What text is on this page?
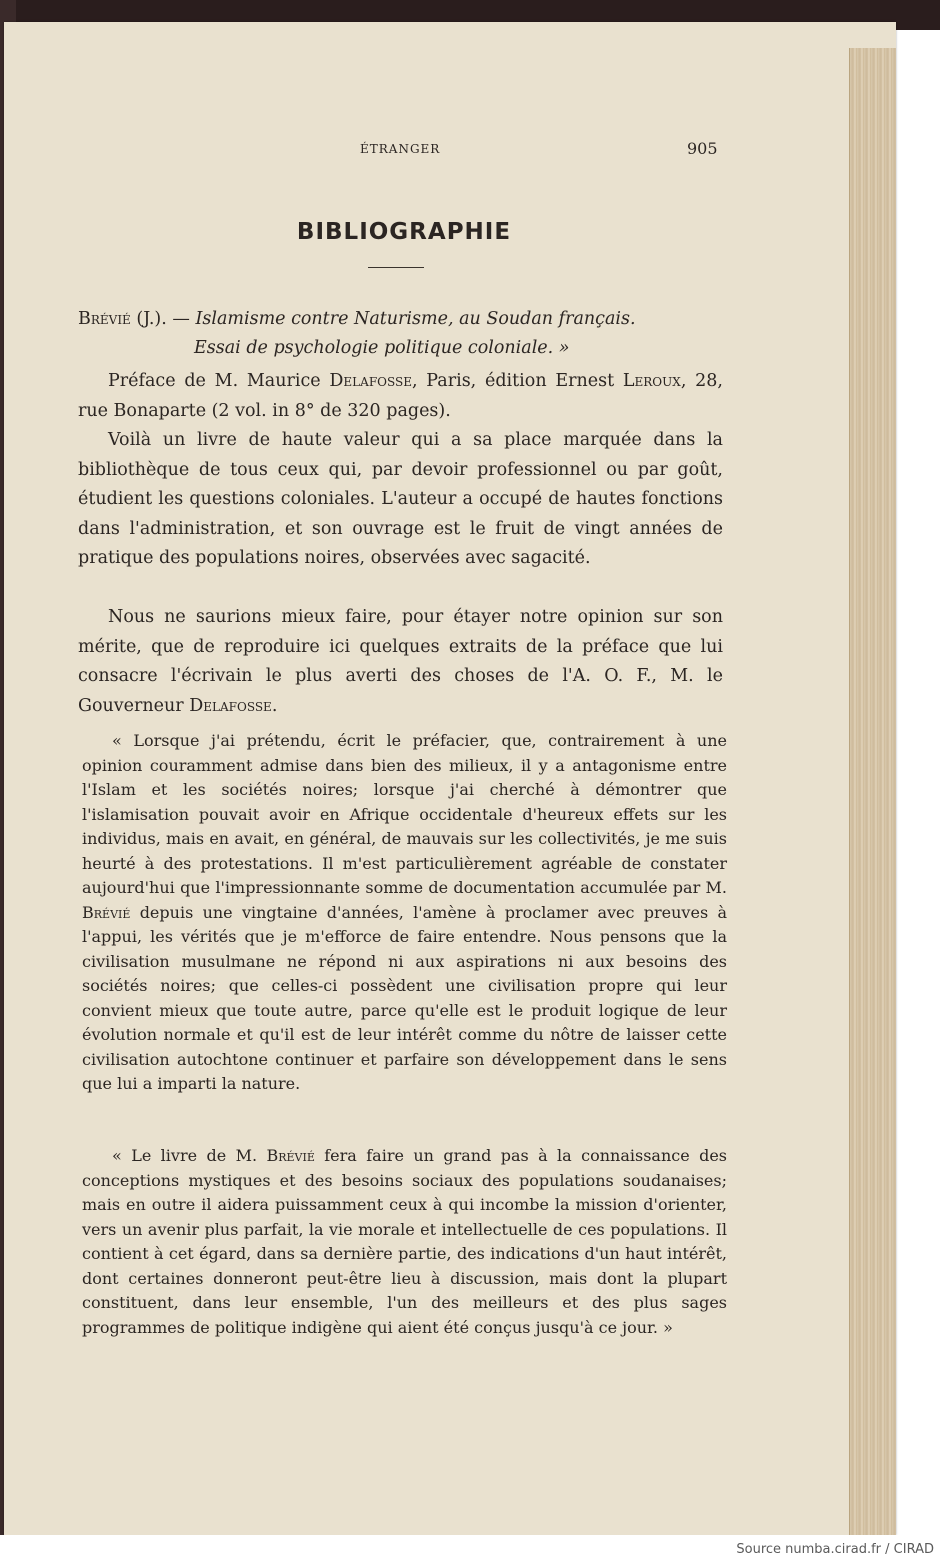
ÉTRANGER	905
BIBLIOGRAPHIE
Brévié (J.). — Islamisme contre Naturisme, au Soudan français.
Essai de psychologie politique coloniale. »

Préface de M. Maurice Delafosse, Paris, édition Ernest Leroux, 28, rue Bonaparte (2 vol. in 8° de 320 pages).

Voilà un livre de haute valeur qui a sa place marquée dans la bibliothèque de tous ceux qui, par devoir professionnel ou par goût, étudient les questions coloniales. L'auteur a occupé de hautes fonctions dans l'administration, et son ouvrage est le fruit de vingt années de pratique des populations noires, observées avec sagacité.

Nous ne saurions mieux faire, pour étayer notre opinion sur son mérite, que de reproduire ici quelques extraits de la préface que lui consacre l'écrivain le plus averti des choses de l'A. O. F., M. le Gouverneur Delafosse.

« Lorsque j'ai prétendu, écrit le préfacier, que, contrairement à une opinion couramment admise dans bien des milieux, il y a antagonisme entre l'Islam et les sociétés noires; lorsque j'ai cherché à démontrer que l'islamisation pouvait avoir en Afrique occidentale d'heureux effets sur les individus, mais en avait, en général, de mauvais sur les collectivités, je me suis heurté à des protestations. Il m'est particulièrement agréable de constater aujourd'hui que l'impressionnante somme de documentation accumulée par M. Brévié depuis une vingtaine d'années, l'amène à proclamer avec preuves à l'appui, les vérités que je m'efforce de faire entendre. Nous pensons que la civilisation musulmane ne répond ni aux aspirations ni aux besoins des sociétés noires; que celles-ci possèdent une civilisation propre qui leur convient mieux que toute autre, parce qu'elle est le produit logique de leur évolution normale et qu'il est de leur intérêt comme du nôtre de laisser cette civilisation autochtone continuer et parfaire son développement dans le sens que lui a imparti la nature.

« Le livre de M. Brévié fera faire un grand pas à la connaissance des conceptions mystiques et des besoins sociaux des populations soudanaises; mais en outre il aidera puissamment ceux à qui incombe la mission d'orienter, vers un avenir plus parfait, la vie morale et intellectuelle de ces populations. Il contient à cet égard, dans sa dernière partie, des indications d'un haut intérêt, dont certaines donneront peut-être lieu à discussion, mais dont la plupart constituent, dans leur ensemble, l'un des meilleurs et des plus sages programmes de politique indigène qui aient été conçus jusqu'à ce jour. »

Source numba.cirad.fr / CIRAD
